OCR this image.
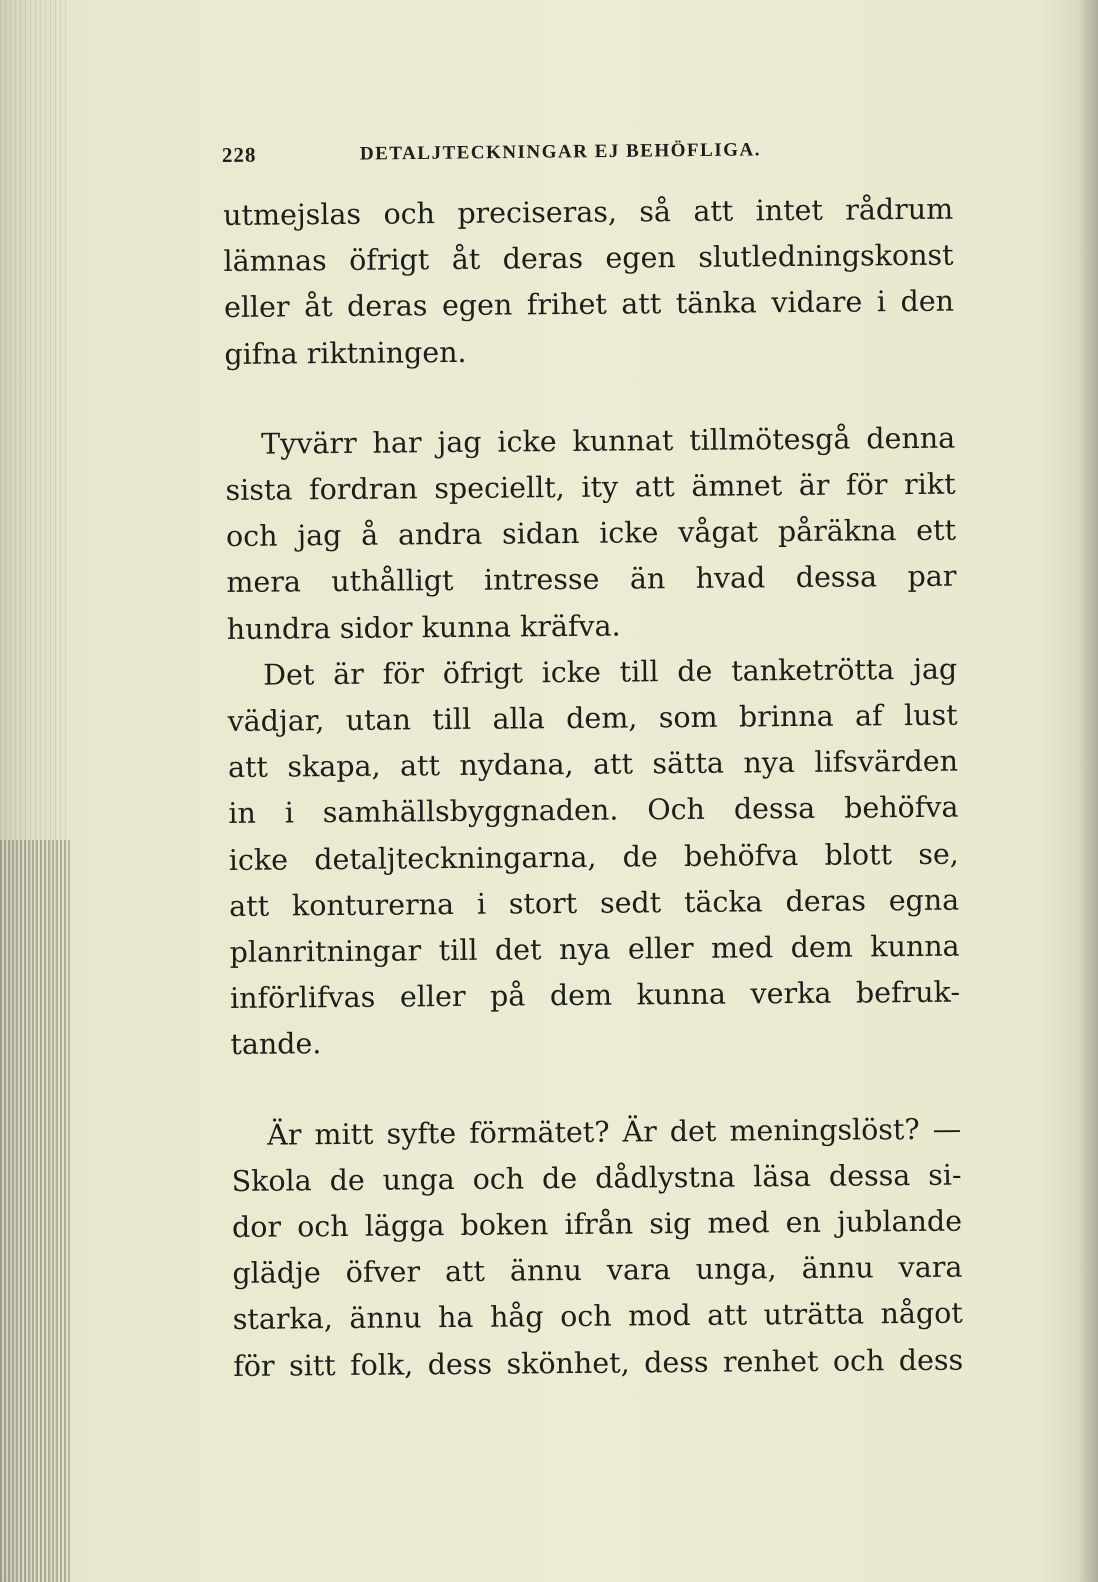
228	DETALJTECKNINGAR EJ BEHÖFLIGA.

utmejslas och preciseras, så att intet rådrum
lämnas öfrigt åt deras egen slutledningskonst
eller åt deras egen frihet att tänka vidare i den
gifna riktningen.

Tyvärr har jag icke kunnat tillmötesgå denna
sista fordran speciellt, ity att ämnet är för rikt
och jag å andra sidan icke vågat påräkna ett
mera uthålligt intresse än hvad dessa par
hundra sidor kunna kräfva.

Det är för öfrigt icke till de tanketrötta jag
vädjar, utan till alla dem, som brinna af lust
att skapa, att nydana, att sätta nya lifsvärden
in i samhällsbyggnaden. Och dessa behöfva
icke detaljteckningarna, de behöfva blott se,
att konturerna i stort sedt täcka deras egna
planritningar till det nya eller med dem kunna
införlifvas eller på dem kunna verka befruk-
tande.

Är mitt syfte förmätet? Är det meningslöst? —
Skola de unga och de dådlystna läsa dessa si-
dor och lägga boken ifrån sig med en jublande
glädje öfver att ännu vara unga, ännu vara
starka, ännu ha håg och mod att uträtta något
för sitt folk, dess skönhet, dess renhet och dess
